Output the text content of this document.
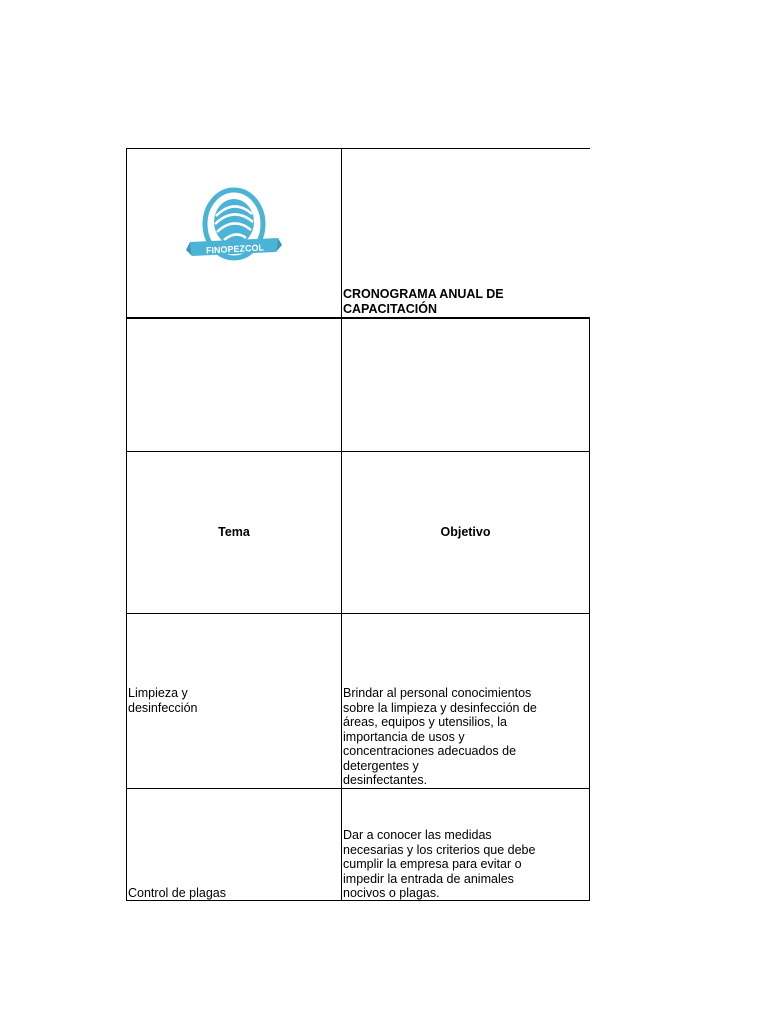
FINOPEZCOL
CRONOGRAMA ANUAL DE
CAPACITACIÓN
Tema	Objetivo
Limpieza y
desinfección
Brindar al personal conocimientos
sobre la limpieza y desinfección de
áreas, equipos y utensilios, la
importancia de usos y
concentraciones adecuados de
detergentes y
desinfectantes.
Control de plagas
Dar a conocer las medidas
necesarias y los criterios que debe
cumplir la empresa para evitar o
impedir la entrada de animales
nocivos o plagas.
